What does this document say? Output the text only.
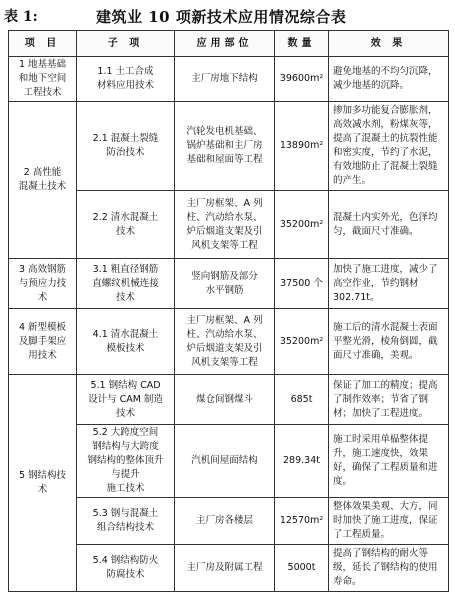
表 1:	建筑业 10 项新技术应用情况综合表
项 目	子 项	应用部位	数量	效 果
1 地基基础
和地下空间
工程技术	1.1 土工合成
材料应用技术	主厂房地下结构	39600m²	避免地基的不均匀沉降，减少地基的沉降。
2 高性能
混凝土技术	2.1 混凝土裂缝
防治技术	汽轮发电机基础、
锅炉基础和主厂房
基础和屋面等工程	13890m²	掺加多功能复合膨胀剂，高效减水剂，粉煤灰等，提高了混凝土的抗裂性能和密实度，节约了水泥，有效地防止了混凝土裂缝的产生。
	2.2 清水混凝土
技术	主厂房框架、A 列
柱、汽动给水泵、
炉后烟道支架及引
风机支架等工程	35200m²	混凝土内实外光，色泽均匀，截面尺寸准确。
3 高效钢筋
与预应力技
术	3.1 粗直径钢筋
直螺纹机械连接
技术	竖向钢筋及部分
水平钢筋	37500 个	加快了施工进度，减少了高空作业，节约钢材 302.71t。
4 新型模板
及脚手架应
用技术	4.1 清水混凝土
模板技术	主厂房框架、A 列
柱、汽动给水泵、
炉后烟道支架及引
风机支架等工程	35200m²	施工后的清水混凝土表面平整光滑，棱角倒圆，截面尺寸准确，美观。
5 钢结构技
术	5.1 钢结构 CAD
设计与 CAM 制造
技术	煤仓间钢煤斗	685t	保证了加工的精度；提高了制作效率；节省了钢材；加快了工程进度。
	5.2 大跨度空间
钢结构与大跨度
钢结构的整体顶升
与提升
施工技术	汽机间屋面结构	289.34t	施工时采用单榀整体提升，施工速度快，效果好，确保了工程质量和进度。
	5.3 钢与混凝土
组合结构技术	主厂房各楼层	12570m²	整体效果美观、大方，同时加快了施工进度，保证了工程质量。
	5.4 钢结构防火
防腐技术	主厂房及附属工程	5000t	提高了钢结构的耐火等级，延长了钢结构的使用寿命。
